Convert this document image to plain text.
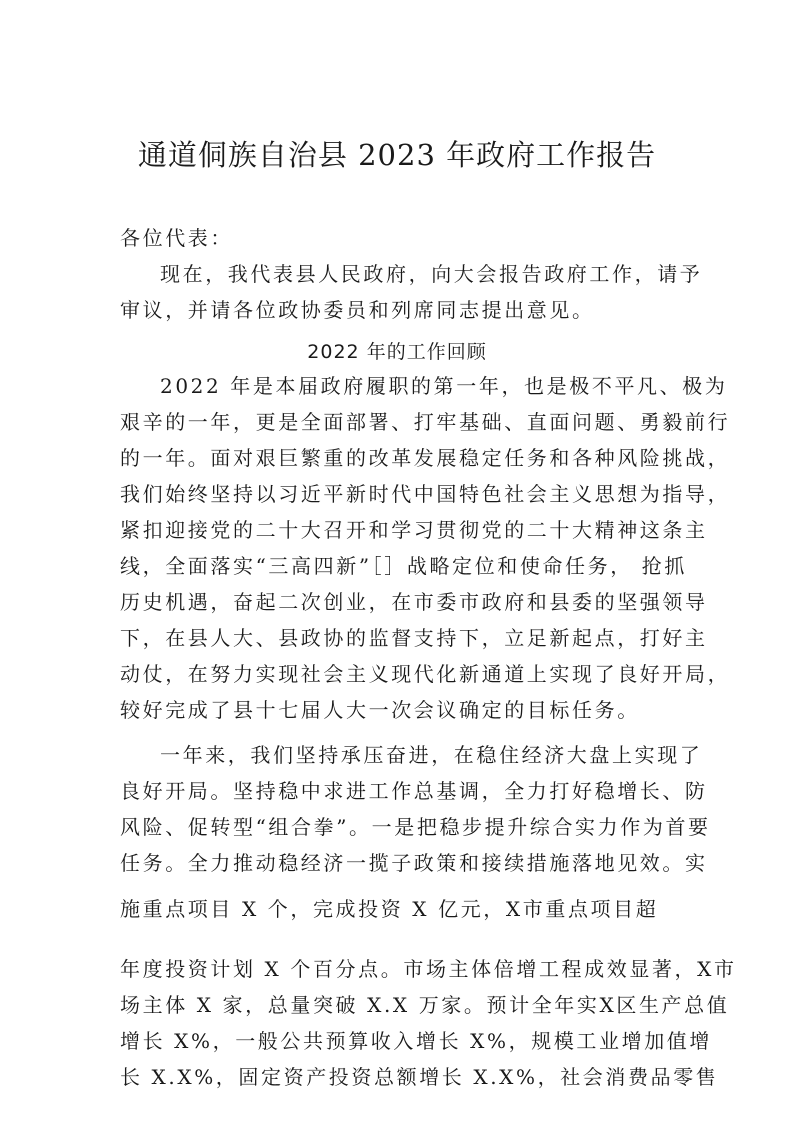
通道侗族自治县 2023 年政府工作报告
各位代表：
现在，我代表县人民政府，向大会报告政府工作，请予
审议，并请各位政协委员和列席同志提出意见。
2022 年的工作回顾
2022 年是本届政府履职的第一年，也是极不平凡、极为
艰辛的一年，更是全面部署、打牢基础、直面问题、勇毅前行
的一年。面对艰巨繁重的改革发展稳定任务和各种风险挑战，
我们始终坚持以习近平新时代中国特色社会主义思想为指导，
紧扣迎接党的二十大召开和学习贯彻党的二十大精神这条主
线，全面落实“三高四新”［］战略定位和使命任务， 抢抓
历史机遇，奋起二次创业，在市委市政府和县委的坚强领导
下，在县人大、县政协的监督支持下，立足新起点，打好主
动仗，在努力实现社会主义现代化新通道上实现了良好开局，
较好完成了县十七届人大一次会议确定的目标任务。
一年来，我们坚持承压奋进，在稳住经济大盘上实现了
良好开局。坚持稳中求进工作总基调，全力打好稳增长、防
风险、促转型“组合拳”。一是把稳步提升综合实力作为首要
任务。全力推动稳经济一揽子政策和接续措施落地见效。实
施重点项目 X 个，完成投资 X 亿元，X市重点项目超
年度投资计划 X 个百分点。市场主体倍增工程成效显著，X市
场主体 X 家，总量突破 X.X 万家。预计全年实X区生产总值
增长 X%，一般公共预算收入增长 X%，规模工业增加值增
长 X.X%，固定资产投资总额增长 X.X%，社会消费品零售
